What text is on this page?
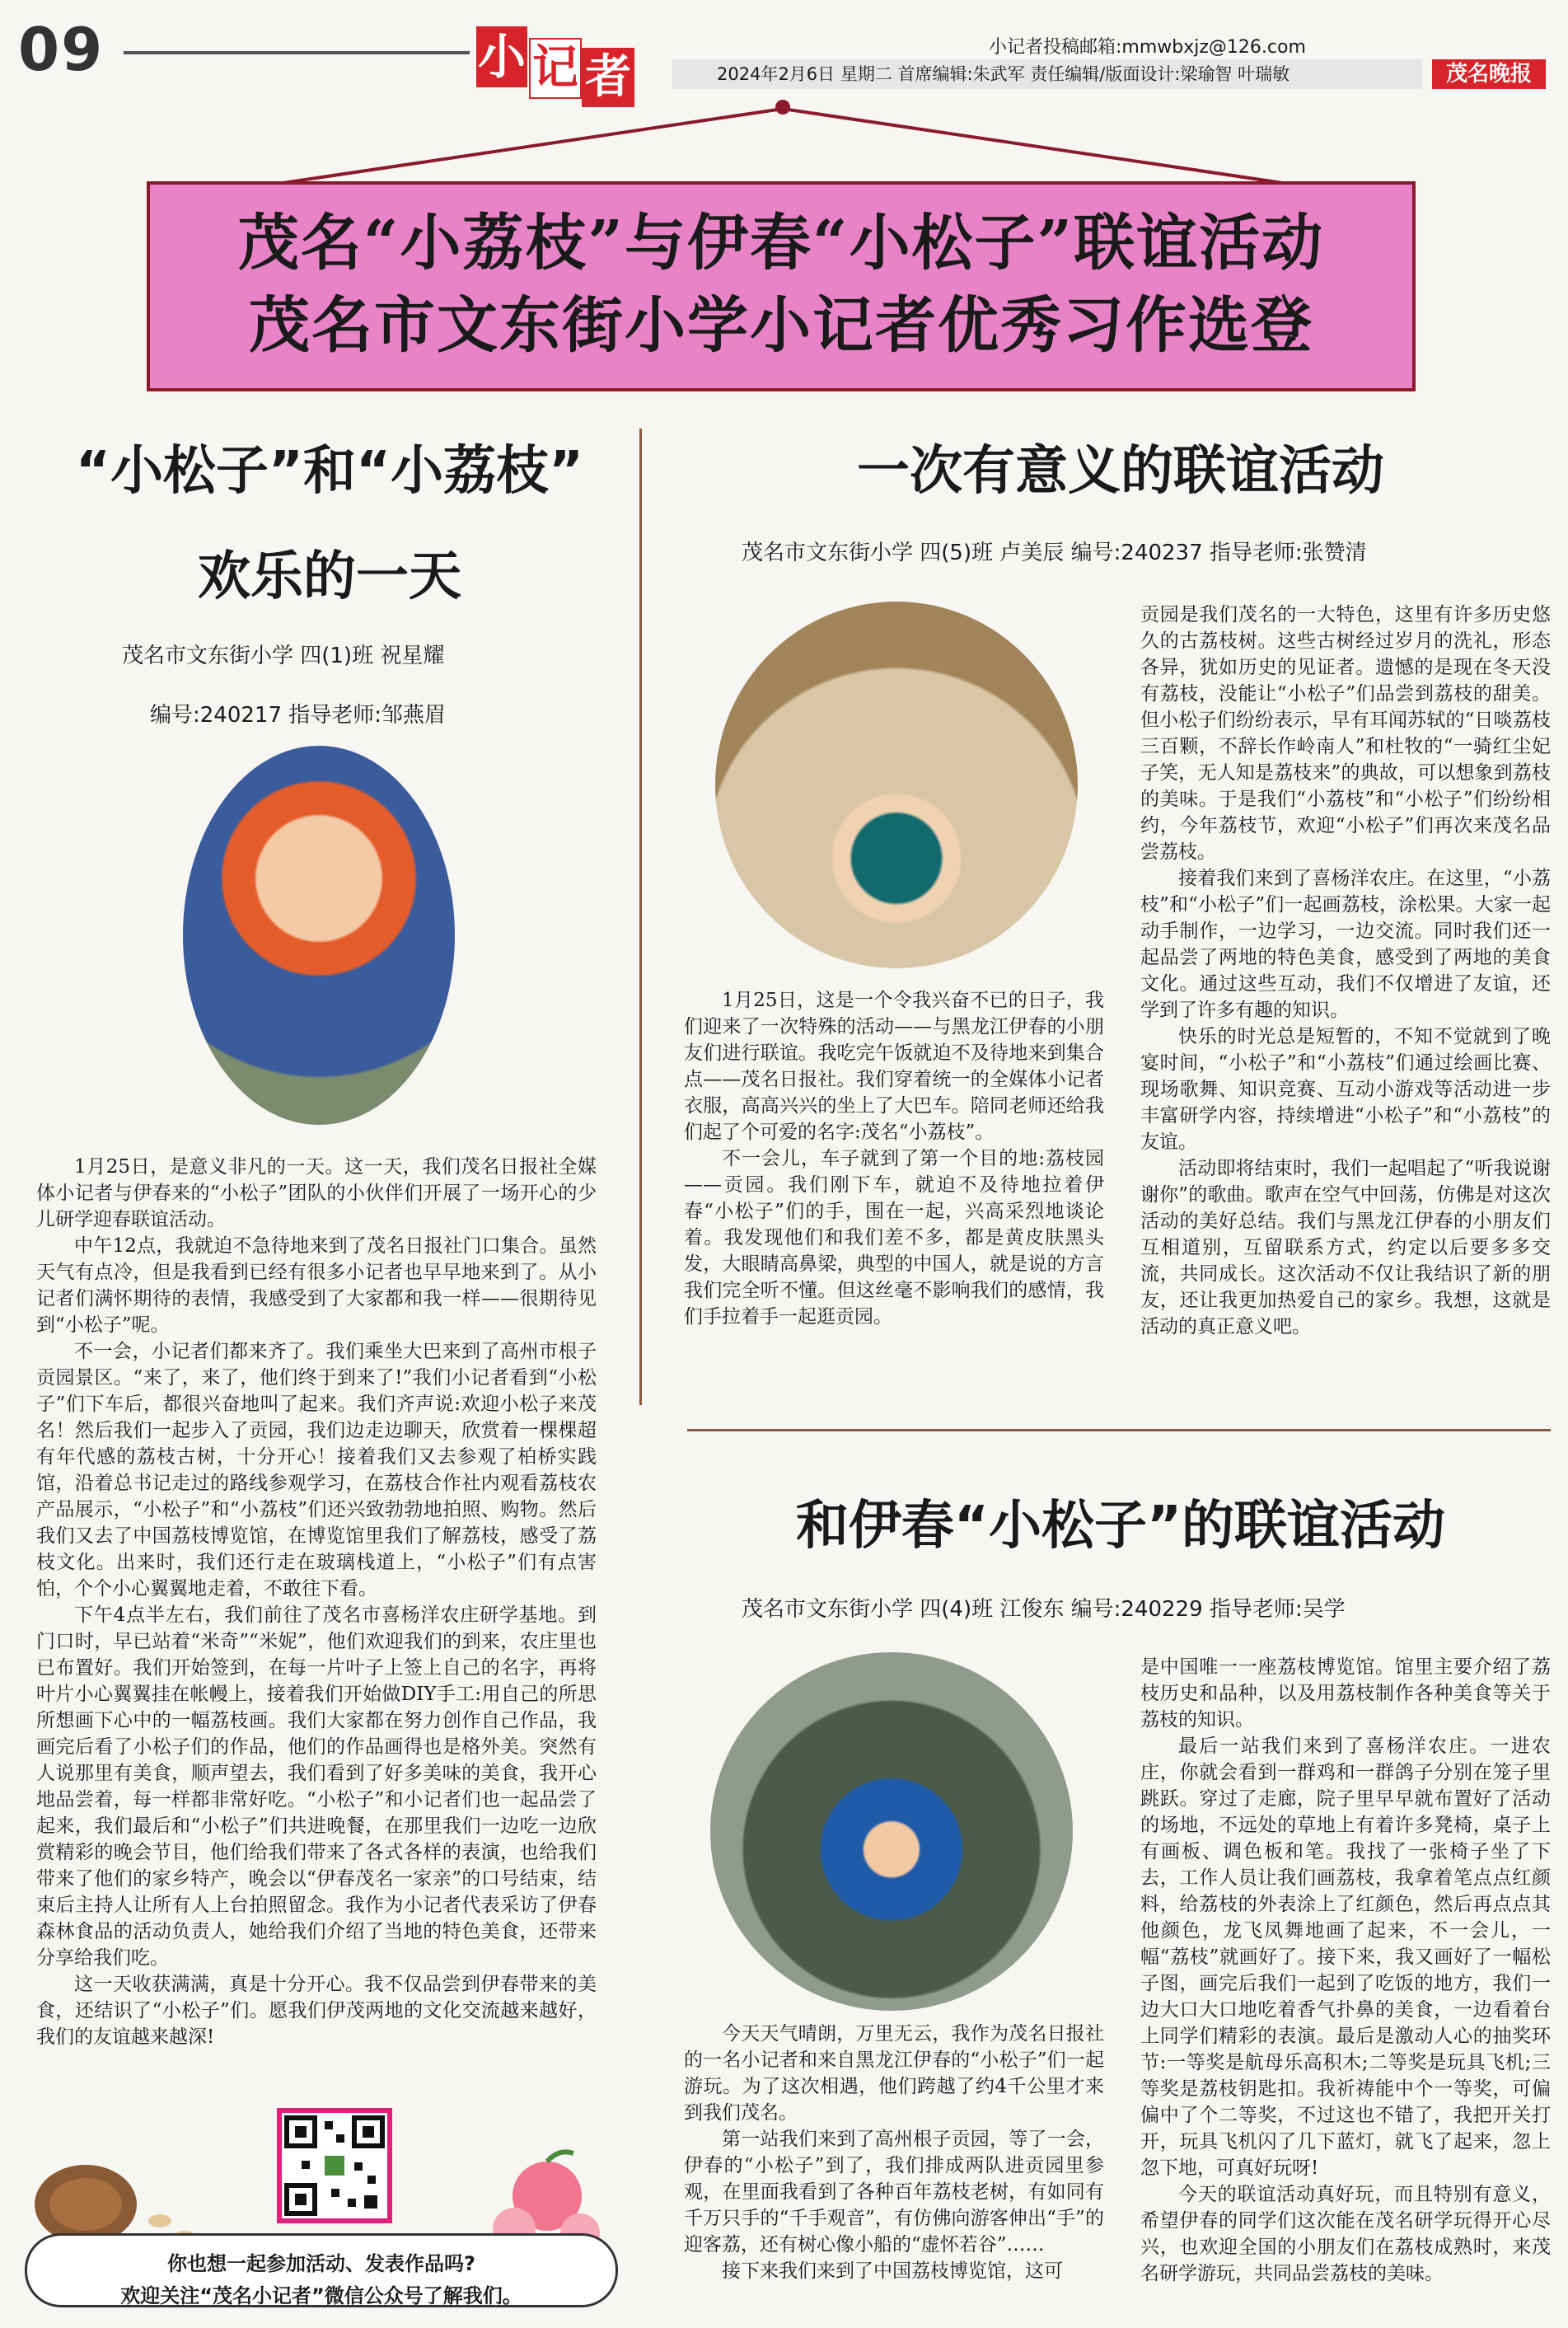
09	小 记 者
小记者投稿邮箱:mmwbxjz@126.com
2024年2月6日 星期二 首席编辑:朱武军 责任编辑/版面设计:梁瑜智 叶瑞敏	茂名晚报
茂名“小荔枝”与伊春“小松子”联谊活动
茂名市文东街小学小记者优秀习作选登
“小松子”和“小荔枝”
欢乐的一天
茂名市文东街小学 四(1)班 祝星耀
编号:240217 指导老师:邹燕眉

1月25日，是意义非凡的一天。这一天，我们茂名日报社全媒体小记者与伊春来的“小松子”团队的小伙伴们开展了一场开心的少儿研学迎春联谊活动。

中午12点，我就迫不急待地来到了茂名日报社门口集合。虽然天气有点冷，但是我看到已经有很多小记者也早早地来到了。从小记者们满怀期待的表情，我感受到了大家都和我一样——很期待见到“小松子”呢。

不一会，小记者们都来齐了。我们乘坐大巴来到了高州市根子贡园景区。“来了，来了，他们终于到来了!”我们小记者看到“小松子”们下车后，都很兴奋地叫了起来。我们齐声说:欢迎小松子来茂名！然后我们一起步入了贡园，我们边走边聊天，欣赏着一棵棵超有年代感的荔枝古树，十分开心！接着我们又去参观了柏桥实践馆，沿着总书记走过的路线参观学习，在荔枝合作社内观看荔枝农产品展示，“小松子”和“小荔枝”们还兴致勃勃地拍照、购物。然后我们又去了中国荔枝博览馆，在博览馆里我们了解荔枝，感受了荔枝文化。出来时，我们还行走在玻璃栈道上，“小松子”们有点害怕，个个小心翼翼地走着，不敢往下看。

下午4点半左右，我们前往了茂名市喜杨洋农庄研学基地。到门口时，早已站着“米奇”“米妮”，他们欢迎我们的到来，农庄里也已布置好。我们开始签到，在每一片叶子上签上自己的名字，再将叶片小心翼翼挂在帐幔上，接着我们开始做DIY手工:用自己的所思所想画下心中的一幅荔枝画。我们大家都在努力创作自己作品，我画完后看了小松子们的作品，他们的作品画得也是格外美。突然有人说那里有美食，顺声望去，我们看到了好多美味的美食，我开心地品尝着，每一样都非常好吃。“小松子”和小记者们也一起品尝了起来，我们最后和“小松子”们共进晚餐，在那里我们一边吃一边欣赏精彩的晚会节目，他们给我们带来了各式各样的表演，也给我们带来了他们的家乡特产，晚会以“伊春茂名一家亲”的口号结束，结束后主持人让所有人上台拍照留念。我作为小记者代表采访了伊春森林食品的活动负责人，她给我们介绍了当地的特色美食，还带来分享给我们吃。

这一天收获满满，真是十分开心。我不仅品尝到伊春带来的美食，还结识了“小松子”们。愿我们伊茂两地的文化交流越来越好，我们的友谊越来越深!

一次有意义的联谊活动
茂名市文东街小学 四(5)班 卢美辰 编号:240237 指导老师:张赞清

1月25日，这是一个令我兴奋不已的日子，我们迎来了一次特殊的活动——与黑龙江伊春的小朋友们进行联谊。我吃完午饭就迫不及待地来到集合点——茂名日报社。我们穿着统一的全媒体小记者衣服，高高兴兴的坐上了大巴车。陪同老师还给我们起了个可爱的名字:茂名“小荔枝”。

不一会儿，车子就到了第一个目的地:荔枝园——贡园。我们刚下车，就迫不及待地拉着伊春“小松子”们的手，围在一起，兴高采烈地谈论着。我发现他们和我们差不多，都是黄皮肤黑头发，大眼睛高鼻梁，典型的中国人，就是说的方言我们完全听不懂。但这丝毫不影响我们的感情，我们手拉着手一起逛贡园。

贡园是我们茂名的一大特色，这里有许多历史悠久的古荔枝树。这些古树经过岁月的洗礼，形态各异，犹如历史的见证者。遗憾的是现在冬天没有荔枝，没能让“小松子”们品尝到荔枝的甜美。但小松子们纷纷表示，早有耳闻苏轼的“日啖荔枝三百颗，不辞长作岭南人”和杜牧的“一骑红尘妃子笑，无人知是荔枝来”的典故，可以想象到荔枝的美味。于是我们“小荔枝”和“小松子”们纷纷相约，今年荔枝节，欢迎“小松子”们再次来茂名品尝荔枝。

接着我们来到了喜杨洋农庄。在这里，“小荔枝”和“小松子”们一起画荔枝，涂松果。大家一起动手制作，一边学习，一边交流。同时我们还一起品尝了两地的特色美食，感受到了两地的美食文化。通过这些互动，我们不仅增进了友谊，还学到了许多有趣的知识。

快乐的时光总是短暂的，不知不觉就到了晚宴时间，“小松子”和“小荔枝”们通过绘画比赛、现场歌舞、知识竞赛、互动小游戏等活动进一步丰富研学内容，持续增进“小松子”和“小荔枝”的友谊。

活动即将结束时，我们一起唱起了“听我说谢谢你”的歌曲。歌声在空气中回荡，仿佛是对这次活动的美好总结。我们与黑龙江伊春的小朋友们互相道别，互留联系方式，约定以后要多多交流，共同成长。这次活动不仅让我结识了新的朋友，还让我更加热爱自己的家乡。我想，这就是活动的真正意义吧。

和伊春“小松子”的联谊活动
茂名市文东街小学 四(4)班 江俊东 编号:240229 指导老师:吴学

今天天气晴朗，万里无云，我作为茂名日报社的一名小记者和来自黑龙江伊春的“小松子”们一起游玩。为了这次相遇，他们跨越了约4千公里才来到我们茂名。

第一站我们来到了高州根子贡园，等了一会，伊春的“小松子”到了，我们排成两队进贡园里参观，在里面我看到了各种百年荔枝老树，有如同有千万只手的“千手观音”，有仿佛向游客伸出“手”的迎客荔，还有树心像小船的“虚怀若谷”……

接下来我们来到了中国荔枝博览馆，这可

是中国唯一一座荔枝博览馆。馆里主要介绍了荔枝历史和品种，以及用荔枝制作各种美食等关于荔枝的知识。

最后一站我们来到了喜杨洋农庄。一进农庄，你就会看到一群鸡和一群鸽子分别在笼子里跳跃。穿过了走廊，院子里早早就布置好了活动的场地，不远处的草地上有着许多凳椅，桌子上有画板、调色板和笔。我找了一张椅子坐了下去，工作人员让我们画荔枝，我拿着笔点点红颜料，给荔枝的外表涂上了红颜色，然后再点点其他颜色，龙飞凤舞地画了起来，不一会儿，一幅“荔枝”就画好了。接下来，我又画好了一幅松子图，画完后我们一起到了吃饭的地方，我们一边大口大口地吃着香气扑鼻的美食，一边看着台上同学们精彩的表演。最后是激动人心的抽奖环节:一等奖是航母乐高积木;二等奖是玩具飞机;三等奖是荔枝钥匙扣。我祈祷能中个一等奖，可偏偏中了个二等奖，不过这也不错了，我把开关打开，玩具飞机闪了几下蓝灯，就飞了起来，忽上忽下地，可真好玩呀!

今天的联谊活动真好玩，而且特别有意义，希望伊春的同学们这次能在茂名研学玩得开心尽兴，也欢迎全国的小朋友们在荔枝成熟时，来茂名研学游玩，共同品尝荔枝的美味。

你也想一起参加活动、发表作品吗?
欢迎关注“茂名小记者”微信公众号了解我们。
